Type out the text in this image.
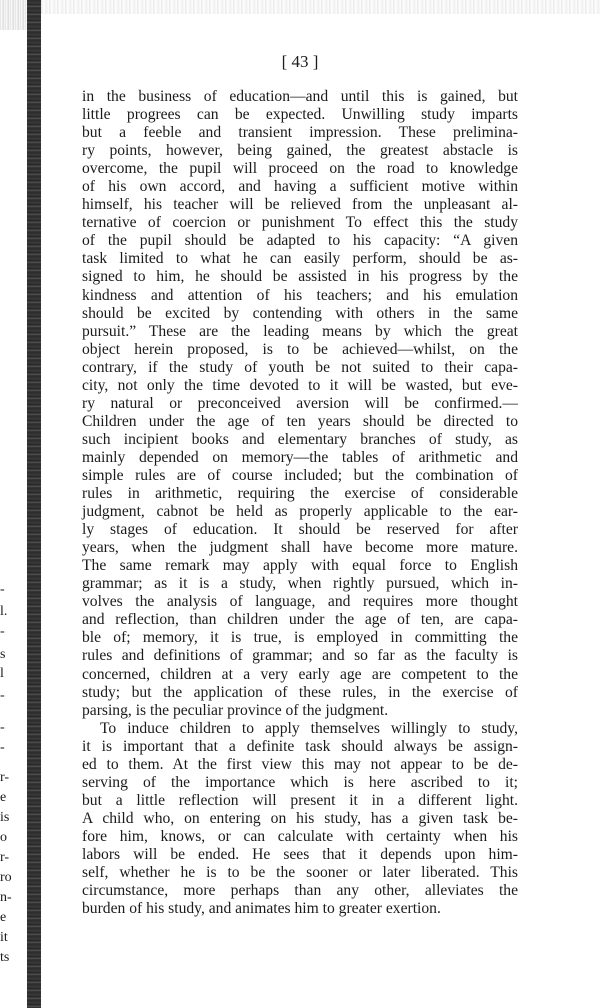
-
l.
-
s
l
-
-
-
r-
e
is
o
r-
ro
n-
e
it
ts
[ 43 ]
in the business of education—and until this is gained, but
little progrees can be expected. Unwilling study imparts
but a feeble and transient impression. These prelimina-
ry points, however, being gained, the greatest abstacle is
overcome, the pupil will proceed on the road to knowledge
of his own accord, and having a sufficient motive within
himself, his teacher will be relieved from the unpleasant al-
ternative of coercion or punishment To effect this the study
of the pupil should be adapted to his capacity: “A given
task limited to what he can easily perform, should be as-
signed to him, he should be assisted in his progress by the
kindness and attention of his teachers; and his emulation
should be excited by contending with others in the same
pursuit.” These are the leading means by which the great
object herein proposed, is to be achieved—whilst, on the
contrary, if the study of youth be not suited to their capa-
city, not only the time devoted to it will be wasted, but eve-
ry natural or preconceived aversion will be confirmed.—
Children under the age of ten years should be directed to
such incipient books and elementary branches of study, as
mainly depended on memory—the tables of arithmetic and
simple rules are of course included; but the combination of
rules in arithmetic, requiring the exercise of considerable
judgment, cabnot be held as properly applicable to the ear-
ly stages of education. It should be reserved for after
years, when the judgment shall have become more mature.
The same remark may apply with equal force to English
grammar; as it is a study, when rightly pursued, which in-
volves the analysis of language, and requires more thought
and reflection, than children under the age of ten, are capa-
ble of; memory, it is true, is employed in committing the
rules and definitions of grammar; and so far as the faculty is
concerned, children at a very early age are competent to the
study; but the application of these rules, in the exercise of
parsing, is the peculiar province of the judgment.
To induce children to apply themselves willingly to study,
it is important that a definite task should always be assign-
ed to them. At the first view this may not appear to be de-
serving of the importance which is here ascribed to it;
but a little reflection will present it in a different light.
A child who, on entering on his study, has a given task be-
fore him, knows, or can calculate with certainty when his
labors will be ended. He sees that it depends upon him-
self, whether he is to be the sooner or later liberated. This
circumstance, more perhaps than any other, alleviates the
burden of his study, and animates him to greater exertion.
